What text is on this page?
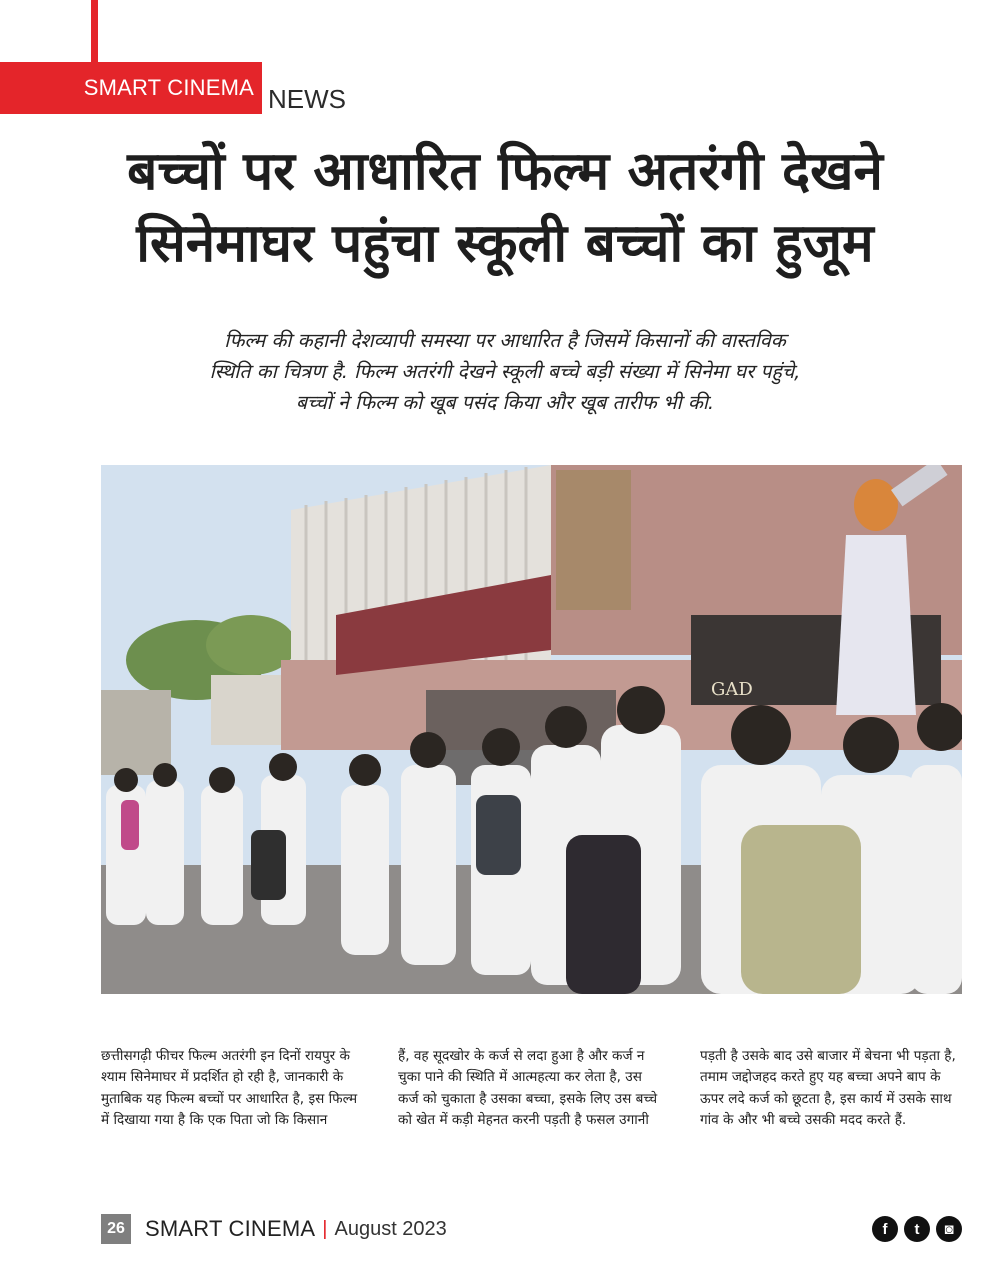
SMART CINEMA NEWS
बच्चों पर आधारित फिल्म अतरंगी देखने
सिनेमाघर पहुंचा स्कूली बच्चों का हुजूम
फिल्म की कहानी देशव्यापी समस्या पर आधारित है जिसमें किसानों की वास्तविक
स्थिति का चित्रण है. फिल्म अतरंगी देखने स्कूली बच्चे बड़ी संख्या में सिनेमा घर पहुंचे,
बच्चों ने फिल्म को खूब पसंद किया और खूब तारीफ भी की.
GAD
छत्तीसगढ़ी फीचर फिल्म अतरंगी इन दिनों रायपुर के श्याम सिनेमाघर में प्रदर्शित हो रही है, जानकारी के मुताबिक यह फिल्म बच्चों पर आधारित है, इस फिल्म में दिखाया गया है कि एक पिता जो कि किसान
हैं, वह सूदखोर के कर्ज से लदा हुआ है और कर्ज न चुका पाने की स्थिति में आत्महत्या कर लेता है, उस कर्ज को चुकाता है उसका बच्चा, इसके लिए उस बच्चे को खेत में कड़ी मेहनत करनी पड़ती है फसल उगानी
पड़ती है उसके बाद उसे बाजार में बेचना भी पड़ता है, तमाम जद्दोजहद करते हुए यह बच्चा अपने बाप के ऊपर लदे कर्ज को छूटता है, इस कार्य में उसके साथ गांव के और भी बच्चे उसकी मदद करते हैं.
26 SMART CINEMA | August 2023	f	t	◙
